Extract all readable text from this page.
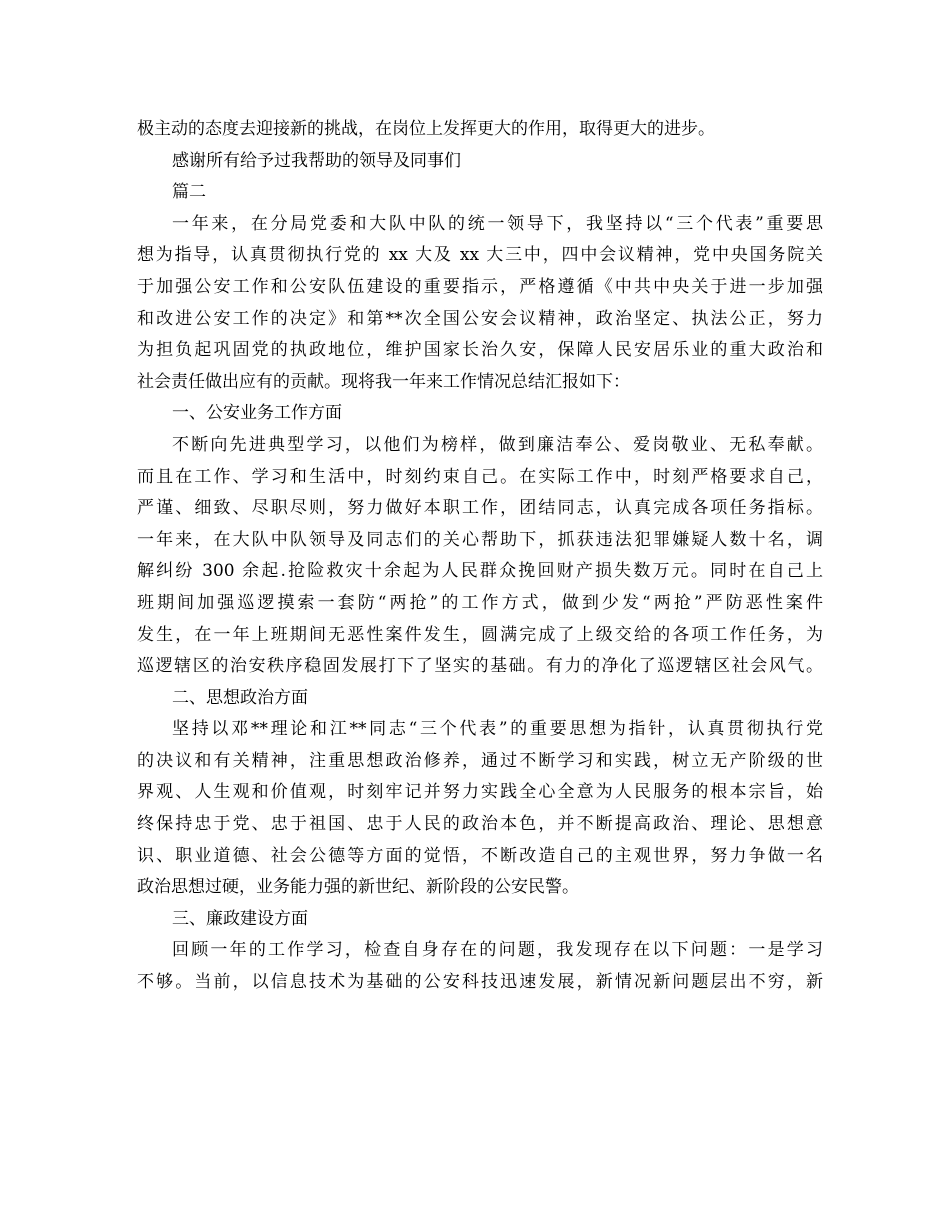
极主动的态度去迎接新的挑战，在岗位上发挥更大的作用，取得更大的进步。
感谢所有给予过我帮助的领导及同事们
篇二
一年来，在分局党委和大队中队的统一领导下，我坚持以“三个代表”重要思
想为指导，认真贯彻执行党的 xx 大及 xx 大三中，四中会议精神，党中央国务院关
于加强公安工作和公安队伍建设的重要指示，严格遵循《中共中央关于进一步加强
和改进公安工作的决定》和第**次全国公安会议精神，政治坚定、执法公正，努力
为担负起巩固党的执政地位，维护国家长治久安，保障人民安居乐业的重大政治和
社会责任做出应有的贡献。现将我一年来工作情况总结汇报如下：
一、公安业务工作方面
不断向先进典型学习，以他们为榜样，做到廉洁奉公、爱岗敬业、无私奉献。
而且在工作、学习和生活中，时刻约束自己。在实际工作中，时刻严格要求自己，
严谨、细致、尽职尽则，努力做好本职工作，团结同志，认真完成各项任务指标。
一年来，在大队中队领导及同志们的关心帮助下，抓获违法犯罪嫌疑人数十名，调
解纠纷 300 余起.抢险救灾十余起为人民群众挽回财产损失数万元。同时在自己上
班期间加强巡逻摸索一套防“两抢”的工作方式，做到少发“两抢”严防恶性案件
发生，在一年上班期间无恶性案件发生，圆满完成了上级交给的各项工作任务，为
巡逻辖区的治安秩序稳固发展打下了坚实的基础。有力的净化了巡逻辖区社会风气。
二、思想政治方面
坚持以邓**理论和江**同志“三个代表”的重要思想为指针，认真贯彻执行党
的决议和有关精神，注重思想政治修养，通过不断学习和实践，树立无产阶级的世
界观、人生观和价值观，时刻牢记并努力实践全心全意为人民服务的根本宗旨，始
终保持忠于党、忠于祖国、忠于人民的政治本色，并不断提高政治、理论、思想意
识、职业道德、社会公德等方面的觉悟，不断改造自己的主观世界，努力争做一名
政治思想过硬，业务能力强的新世纪、新阶段的公安民警。
三、廉政建设方面
回顾一年的工作学习，检查自身存在的问题，我发现存在以下问题：一是学习
不够。当前，以信息技术为基础的公安科技迅速发展，新情况新问题层出不穷，新
